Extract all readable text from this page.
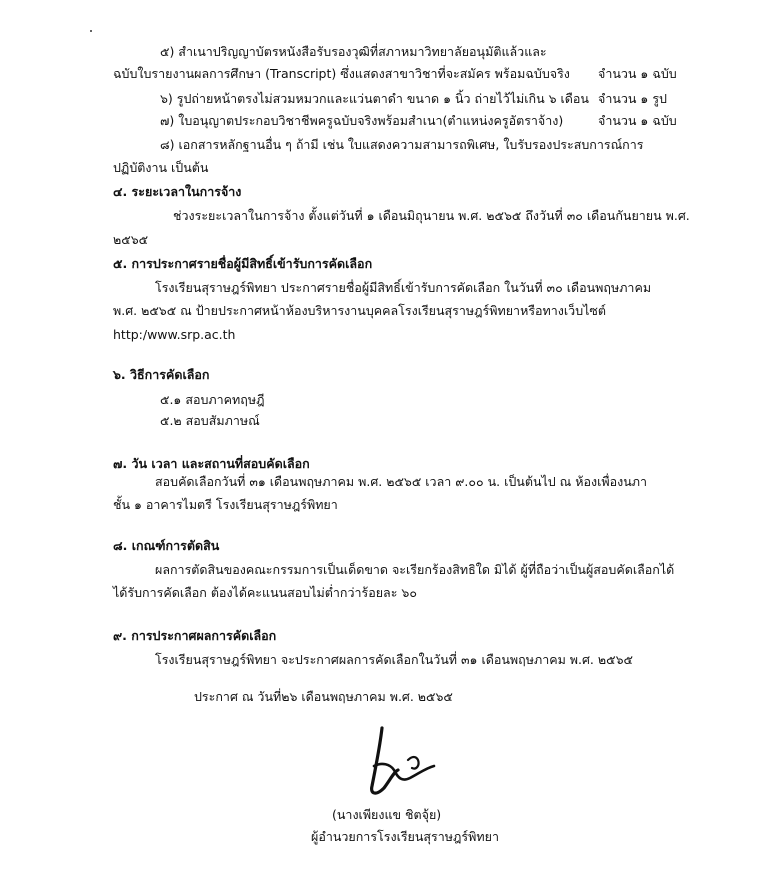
๕) สำเนาปริญญาบัตรหนังสือรับรองวุฒิที่สภาหมาวิทยาลัยอนุมัติแล้วและ
ฉบับใบรายงานผลการศึกษา (Transcript) ซึ่งแสดงสาขาวิชาที่จะสมัคร พร้อมฉบับจริง จำนวน ๑ ฉบับ
๖) รูปถ่ายหน้าตรงไม่สวมหมวกและแว่นตาดำ ขนาด ๑ นิ้ว ถ่ายไว้ไม่เกิน ๖ เดือน จำนวน ๑ รูป
๗) ใบอนุญาตประกอบวิชาชีพครูฉบับจริงพร้อมสำเนา(ตำแหน่งครูอัตราจ้าง)	จำนวน ๑ ฉบับ
๘) เอกสารหลักฐานอื่น ๆ ถ้ามี เช่น ใบแสดงความสามารถพิเศษ, ใบรับรองประสบการณ์การ
ปฏิบัติงาน เป็นต้น
๔. ระยะเวลาในการจ้าง
ช่วงระยะเวลาในการจ้าง ตั้งแต่วันที่ ๑ เดือนมิถุนายน พ.ศ. ๒๕๖๕ ถึงวันที่ ๓๐ เดือนกันยายน พ.ศ.
๒๕๖๕
๕. การประกาศรายชื่อผู้มีสิทธิ์เข้ารับการคัดเลือก
โรงเรียนสุราษฎร์พิทยา ประกาศรายชื่อผู้มีสิทธิ์เข้ารับการคัดเลือก ในวันที่ ๓๐ เดือนพฤษภาคม
พ.ศ. ๒๕๖๕ ณ ป้ายประกาศหน้าห้องบริหารงานบุคคลโรงเรียนสุราษฎร์พิทยาหรือทางเว็บไซต์
http:/www.srp.ac.th
๖. วิธีการคัดเลือก
๕.๑ สอบภาคทฤษฎี
๕.๒ สอบสัมภาษณ์
๗. วัน เวลา และสถานที่สอบคัดเลือก
สอบคัดเลือกวันที่ ๓๑ เดือนพฤษภาคม พ.ศ. ๒๕๖๕ เวลา ๙.๐๐ น. เป็นต้นไป ณ ห้องเพื่องนภา
ชั้น ๑ อาคารไมตรี โรงเรียนสุราษฎร์พิทยา
๘. เกณฑ์การตัดสิน
ผลการตัดสินของคณะกรรมการเป็นเด็ดขาด จะเรียกร้องสิทธิใด มิได้ ผู้ที่ถือว่าเป็นผู้สอบคัดเลือกได้
ได้รับการคัดเลือก ต้องได้คะแนนสอบไม่ต่ำกว่าร้อยละ ๖๐
๙. การประกาศผลการคัดเลือก
โรงเรียนสุราษฎร์พิทยา จะประกาศผลการคัดเลือกในวันที่ ๓๑ เดือนพฤษภาคม พ.ศ. ๒๕๖๕
ประกาศ ณ วันที่๒๖ เดือนพฤษภาคม พ.ศ. ๒๕๖๕
(นางเพียงแข ชิตจุ้ย)
ผู้อำนวยการโรงเรียนสุราษฎร์พิทยา
